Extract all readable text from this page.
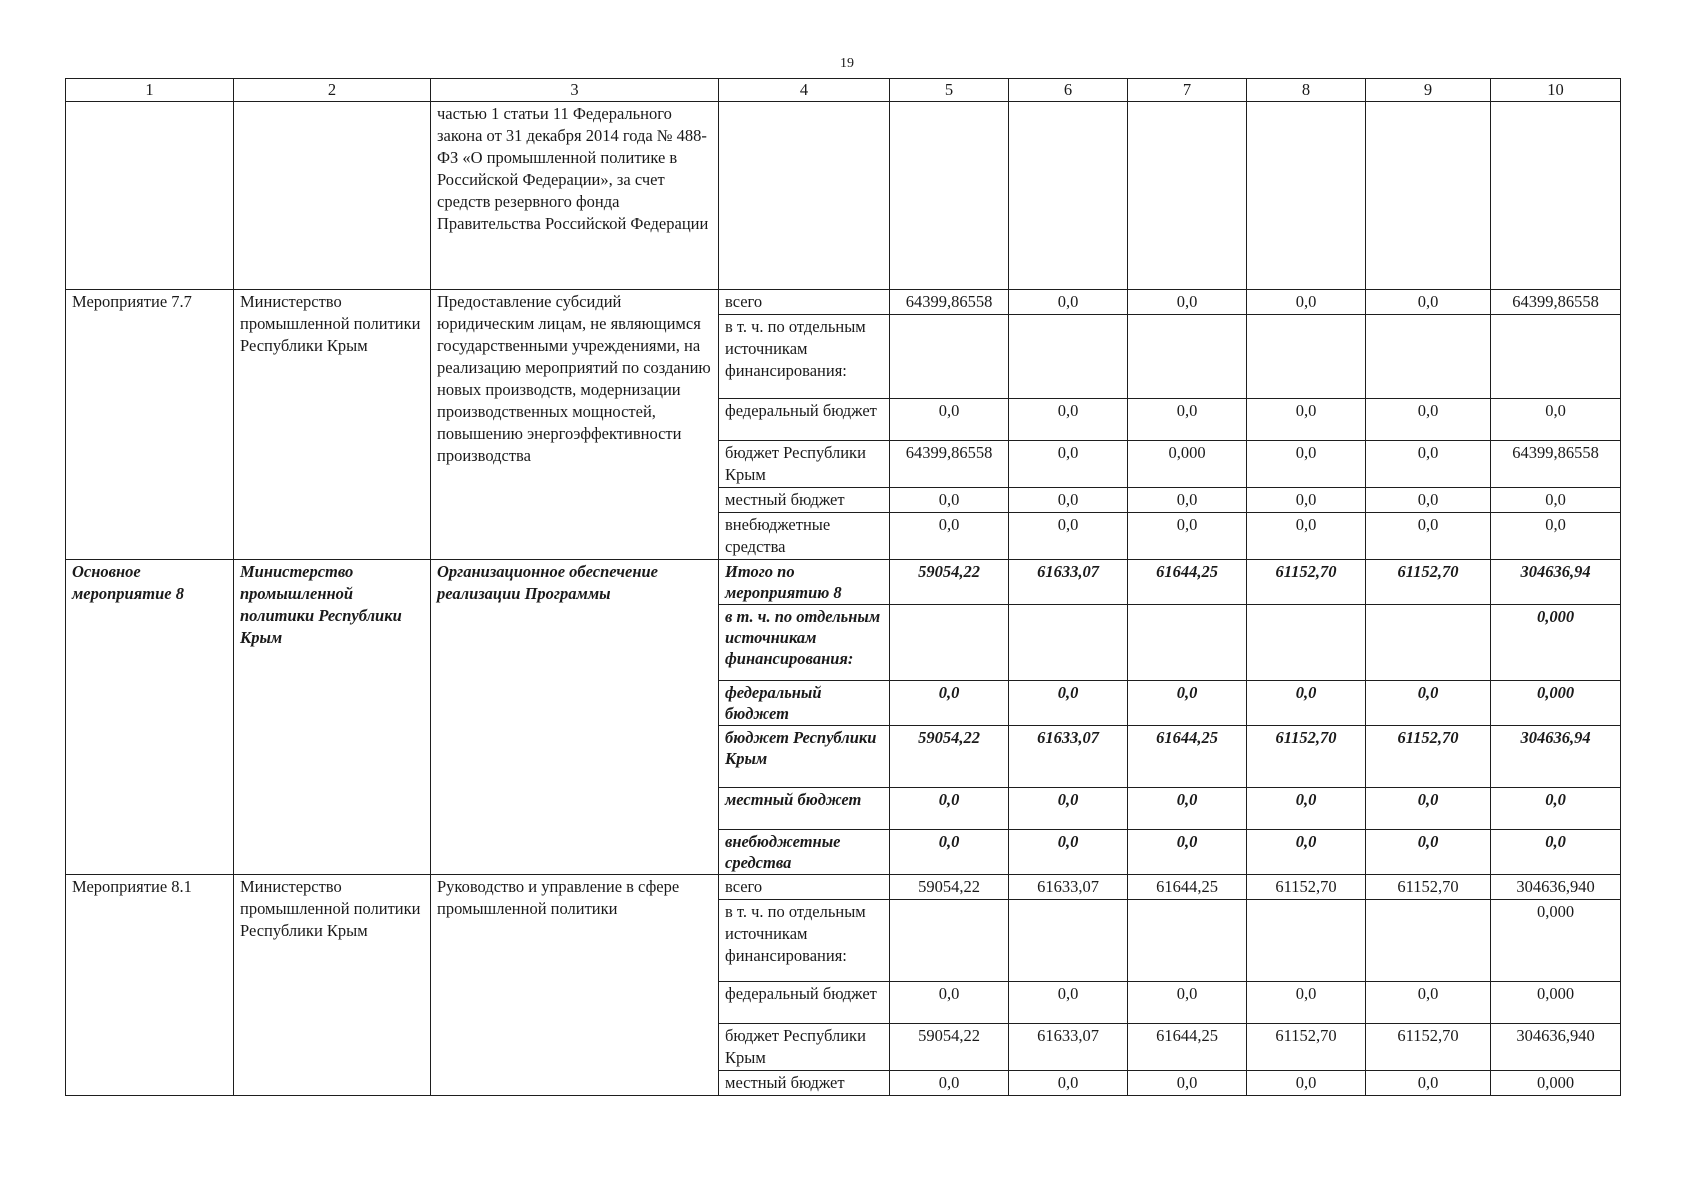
19
1	2	3	4	5	6	7	8	9	10
		частью 1 статьи 11 Федерального закона от 31 декабря 2014 года № 488-ФЗ «О промышленной политике в Российской Федерации», за счет средств резервного фонда Правительства Российской Федерации							
Мероприятие 7.7	Министерство промышленной политики Республики Крым	Предоставление субсидий юридическим лицам, не являющимся государственными учреждениями, на реализацию мероприятий по созданию новых производств, модернизации производственных мощностей, повышению энергоэффективности производства	всего	64399,86558	0,0	0,0	0,0	0,0	64399,86558
			в т. ч. по отдельным источникам финансирования:						
			федеральный бюджет	0,0	0,0	0,0	0,0	0,0	0,0
			бюджет Республики Крым	64399,86558	0,0	0,000	0,0	0,0	64399,86558
			местный бюджет	0,0	0,0	0,0	0,0	0,0	0,0
			внебюджетные средства	0,0	0,0	0,0	0,0	0,0	0,0
Основное мероприятие 8	Министерство промышленной политики Республики Крым	Организационное обеспечение реализации Программы	Итого по мероприятию 8	59054,22	61633,07	61644,25	61152,70	61152,70	304636,94
			в т. ч. по отдельным источникам финансирования:						0,000
			федеральный бюджет	0,0	0,0	0,0	0,0	0,0	0,000
			бюджет Республики Крым	59054,22	61633,07	61644,25	61152,70	61152,70	304636,94
			местный бюджет	0,0	0,0	0,0	0,0	0,0	0,0
			внебюджетные средства	0,0	0,0	0,0	0,0	0,0	0,0
Мероприятие 8.1	Министерство промышленной политики Республики Крым	Руководство и управление в сфере промышленной политики	всего	59054,22	61633,07	61644,25	61152,70	61152,70	304636,940
			в т. ч. по отдельным источникам финансирования:						0,000
			федеральный бюджет	0,0	0,0	0,0	0,0	0,0	0,000
			бюджет Республики Крым	59054,22	61633,07	61644,25	61152,70	61152,70	304636,940
			местный бюджет	0,0	0,0	0,0	0,0	0,0	0,000
